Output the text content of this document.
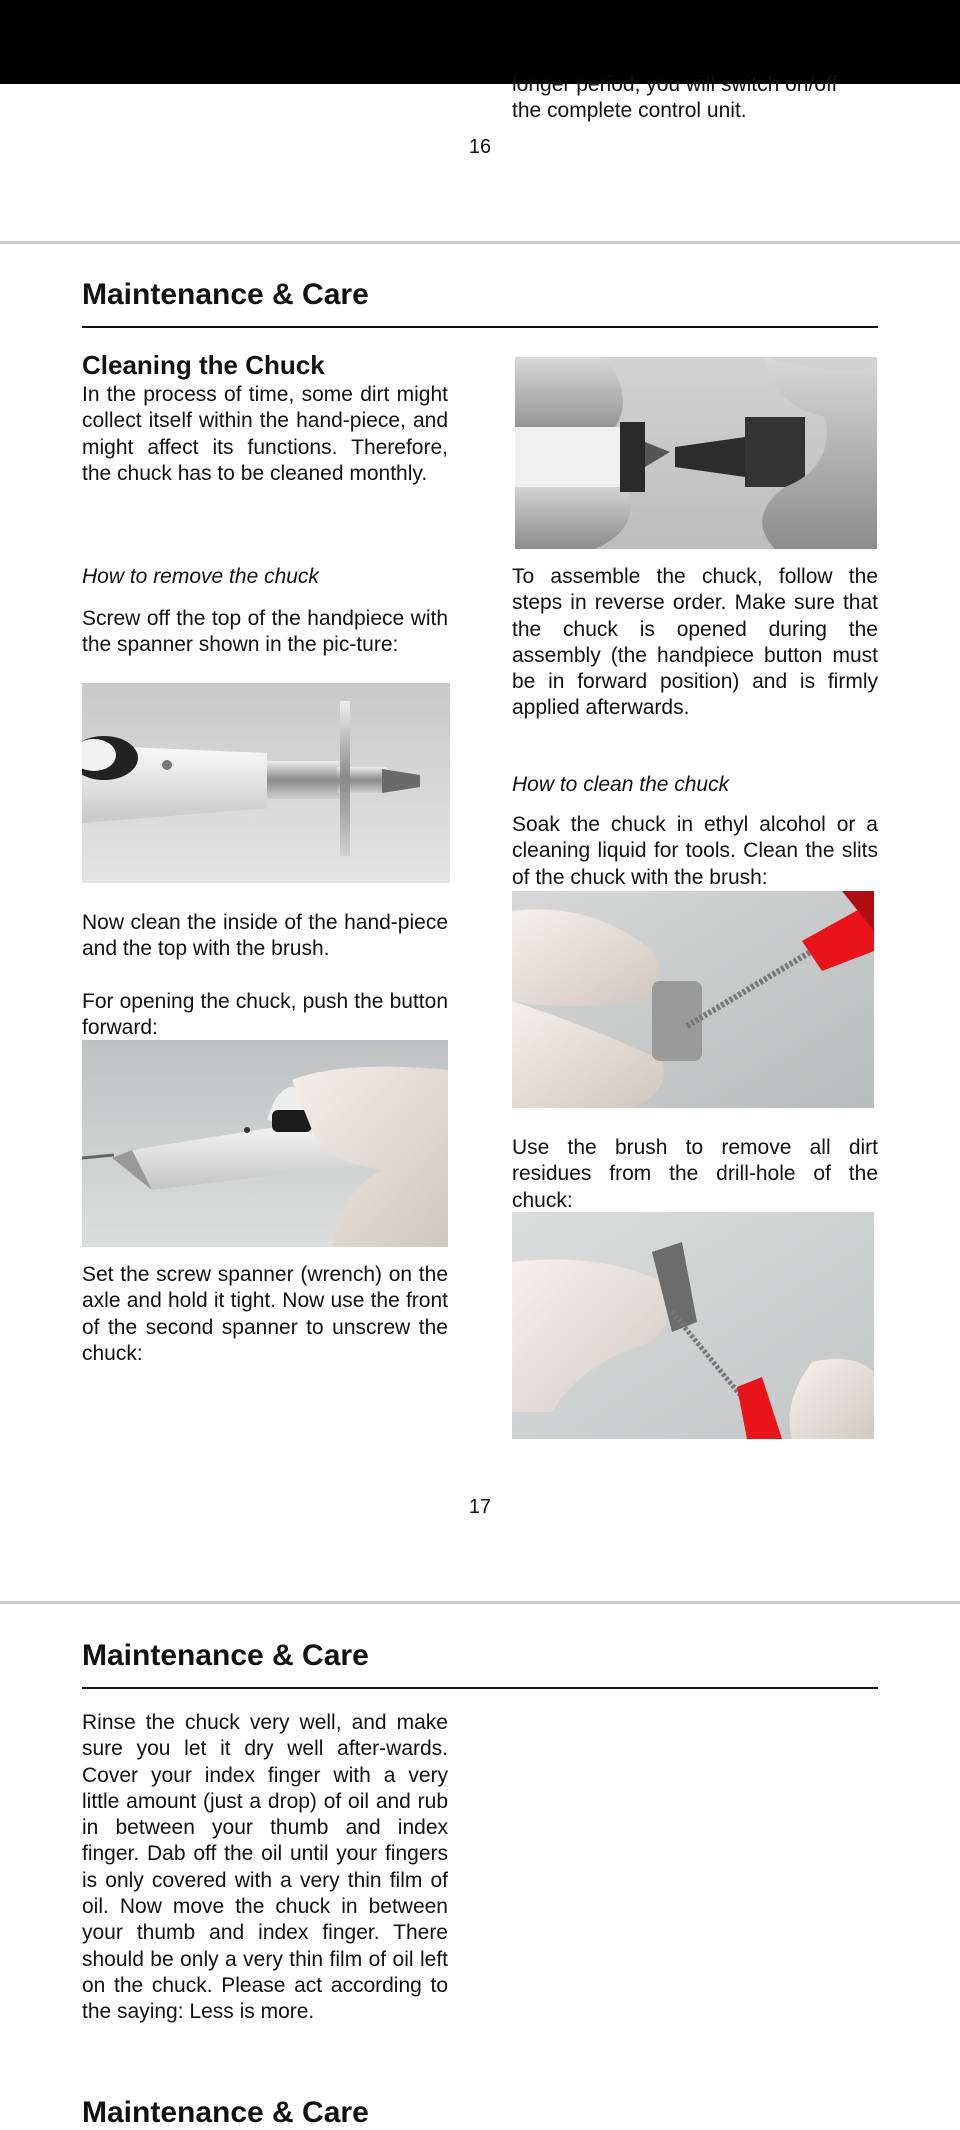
longer period, you will switch on/off

the complete control unit.

16
Maintenance & Care
Cleaning the Chuck

In the process of time, some dirt might collect itself within the hand-piece, and might affect its functions. Therefore, the chuck has to be cleaned monthly.

How to remove the chuck

Screw off the top of the handpiece with the spanner shown in the pic-ture:

Now clean the inside of the hand-piece and the top with the brush.

For opening the chuck, push the button forward:

Set the screw spanner (wrench) on the axle and hold it tight. Now use the front of the second spanner to unscrew the chuck:

To assemble the chuck, follow the steps in reverse order. Make sure that the chuck is opened during the assembly (the handpiece button must be in forward position) and is firmly applied afterwards.

How to clean the chuck

Soak the chuck in ethyl alcohol or a cleaning liquid for tools. Clean the slits of the chuck with the brush:

Use the brush to remove all dirt residues from the drill-hole of the chuck:

17
Maintenance & Care

Rinse the chuck very well, and make sure you let it dry well after-wards. Cover your index finger with a very little amount (just a drop) of oil and rub in between your thumb and index finger. Dab off the oil until your fingers is only covered with a very thin film of oil. Now move the chuck in between your thumb and index finger. There should be only a very thin film of oil left on the chuck. Please act according to the saying: Less is more.

Maintenance & Care
